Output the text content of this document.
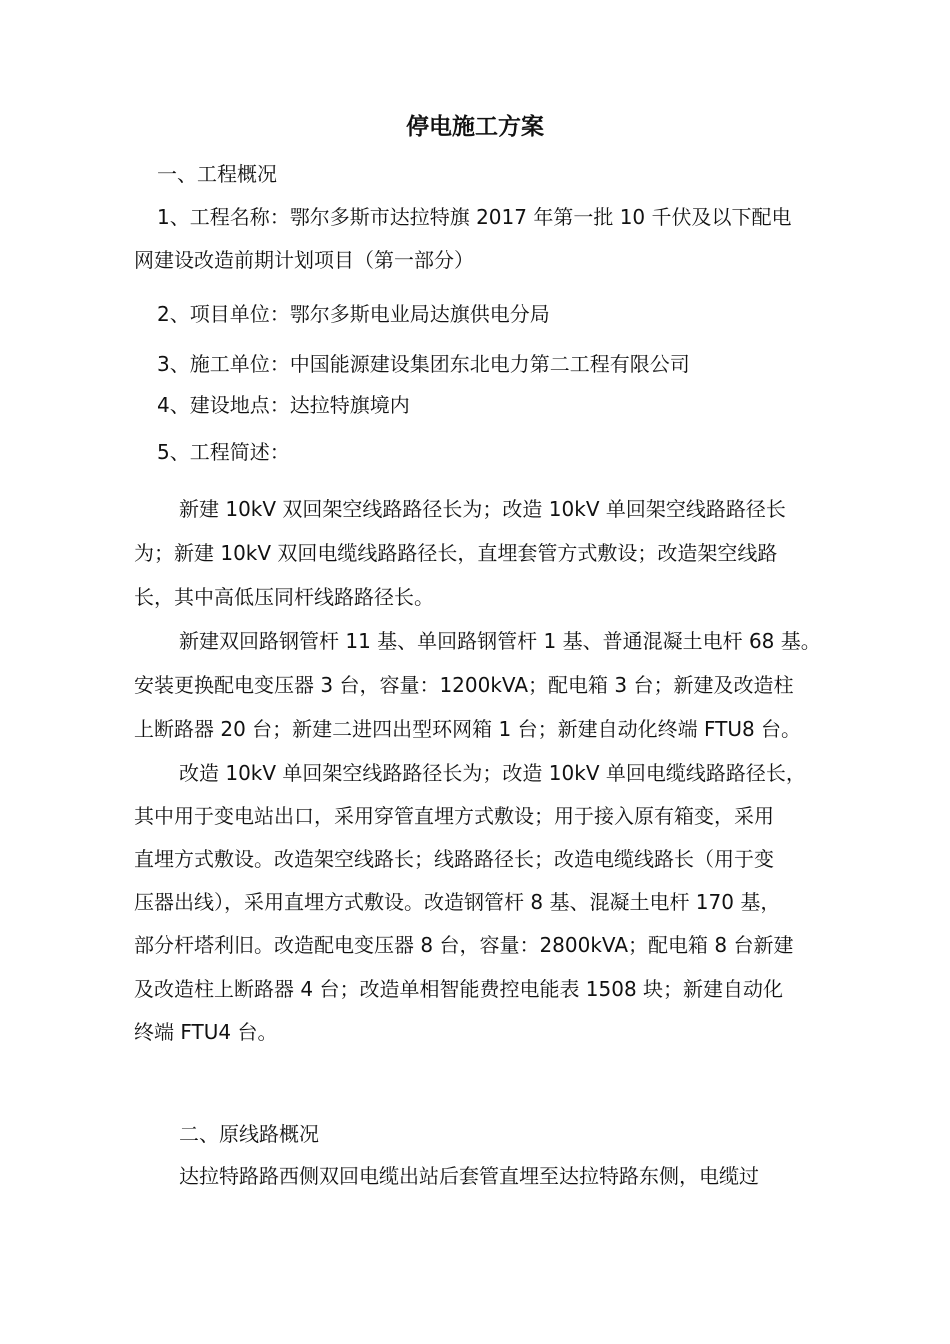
停电施工方案

一、工程概况

1、工程名称：鄂尔多斯市达拉特旗 2017 年第一批 10 千伏及以下配电

网建设改造前期计划项目（第一部分）

2、项目单位：鄂尔多斯电业局达旗供电分局

3、施工单位：中国能源建设集团东北电力第二工程有限公司

4、建设地点：达拉特旗境内

5、工程简述：

新建 10kV 双回架空线路路径长为；改造 10kV 单回架空线路路径长

为；新建 10kV 双回电缆线路路径长，直埋套管方式敷设；改造架空线路

长，其中高低压同杆线路路径长。

新建双回路钢管杆 11 基、单回路钢管杆 1 基、普通混凝土电杆 68 基。

安装更换配电变压器 3 台，容量：1200kVA；配电箱 3 台；新建及改造柱

上断路器 20 台；新建二进四出型环网箱 1 台；新建自动化终端 FTU8 台。

改造 10kV 单回架空线路路径长为；改造 10kV 单回电缆线路路径长，

其中用于变电站出口，采用穿管直埋方式敷设；用于接入原有箱变，采用

直埋方式敷设。改造架空线路长；线路路径长；改造电缆线路长（用于变

压器出线），采用直埋方式敷设。改造钢管杆 8 基、混凝土电杆 170 基，

部分杆塔利旧。改造配电变压器 8 台，容量：2800kVA；配电箱 8 台新建

及改造柱上断路器 4 台；改造单相智能费控电能表 1508 块；新建自动化

终端 FTU4 台。

二、原线路概况

达拉特路路西侧双回电缆出站后套管直埋至达拉特路东侧，电缆过
